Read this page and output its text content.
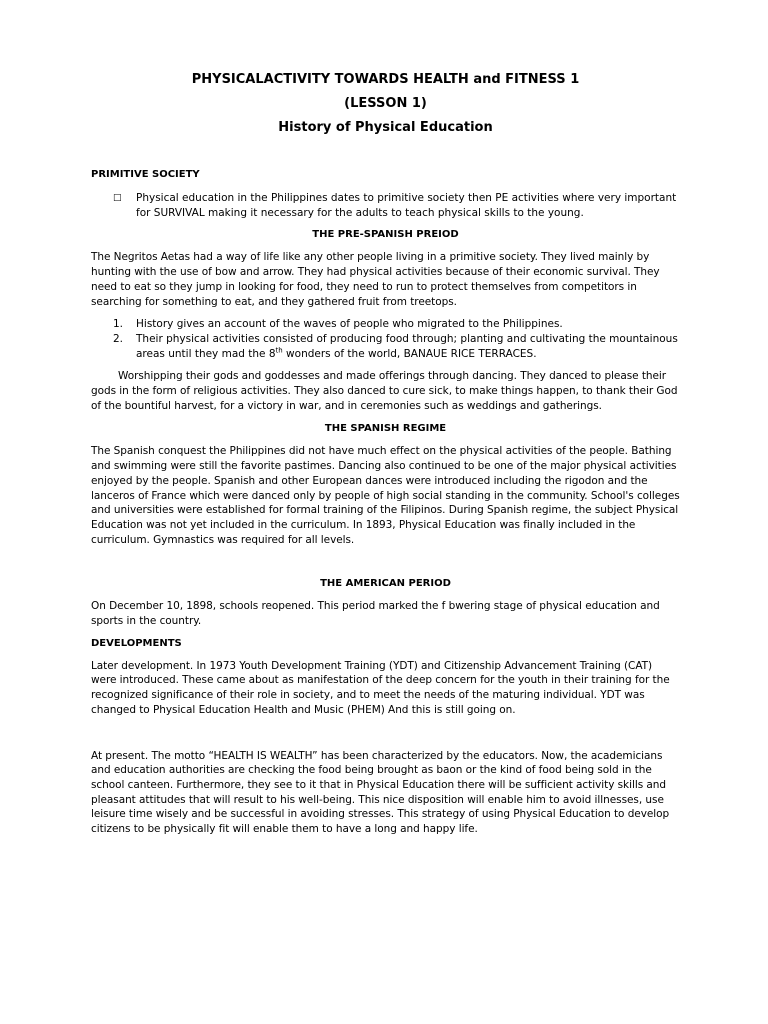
PHYSICALACTIVITY TOWARDS HEALTH and FITNESS 1
(LESSON 1)
History of Physical Education
PRIMITIVE SOCIETY
□ Physical education in the Philippines dates to primitive society then PE activities where very important for SURVIVAL making it necessary for the adults to teach physical skills to the young.
THE PRE-SPANISH PREIOD

The Negritos Aetas had a way of life like any other people living in a primitive society. They lived mainly by hunting with the use of bow and arrow. They had physical activities because of their economic survival. They need to eat so they jump in looking for food, they need to run to protect themselves from competitors in searching for something to eat, and they gathered fruit from treetops.

1. History gives an account of the waves of people who migrated to the Philippines.
2. Their physical activities consisted of producing food through; planting and cultivating the mountainous areas until they mad the 8th wonders of the world, BANAUE RICE TERRACES.

Worshipping their gods and goddesses and made offerings through dancing. They danced to please their gods in the form of religious activities. They also danced to cure sick, to make things happen, to thank their God of the bountiful harvest, for a victory in war, and in ceremonies such as weddings and gatherings.

THE SPANISH REGIME

The Spanish conquest the Philippines did not have much effect on the physical activities of the people. Bathing and swimming were still the favorite pastimes. Dancing also continued to be one of the major physical activities enjoyed by the people. Spanish and other European dances were introduced including the rigodon and the lanceros of France which were danced only by people of high social standing in the community. School's colleges and universities were established for formal training of the Filipinos. During Spanish regime, the subject Physical Education was not yet included in the curriculum. In 1893, Physical Education was finally included in the curriculum. Gymnastics was required for all levels.

THE AMERICAN PERIOD

On December 10, 1898, schools reopened. This period marked the f bwering stage of physical education and sports in the country.

DEVELOPMENTS

Later development. In 1973 Youth Development Training (YDT) and Citizenship Advancement Training (CAT) were introduced. These came about as manifestation of the deep concern for the youth in their training for the recognized significance of their role in society, and to meet the needs of the maturing individual. YDT was changed to Physical Education Health and Music (PHEM) And this is still going on.

At present. The motto “HEALTH IS WEALTH” has been characterized by the educators. Now, the academicians and education authorities are checking the food being brought as baon or the kind of food being sold in the school canteen. Furthermore, they see to it that in Physical Education there will be sufficient activity skills and pleasant attitudes that will result to his well-being. This nice disposition will enable him to avoid illnesses, use leisure time wisely and be successful in avoiding stresses. This strategy of using Physical Education to develop citizens to be physically fit will enable them to have a long and happy life.
